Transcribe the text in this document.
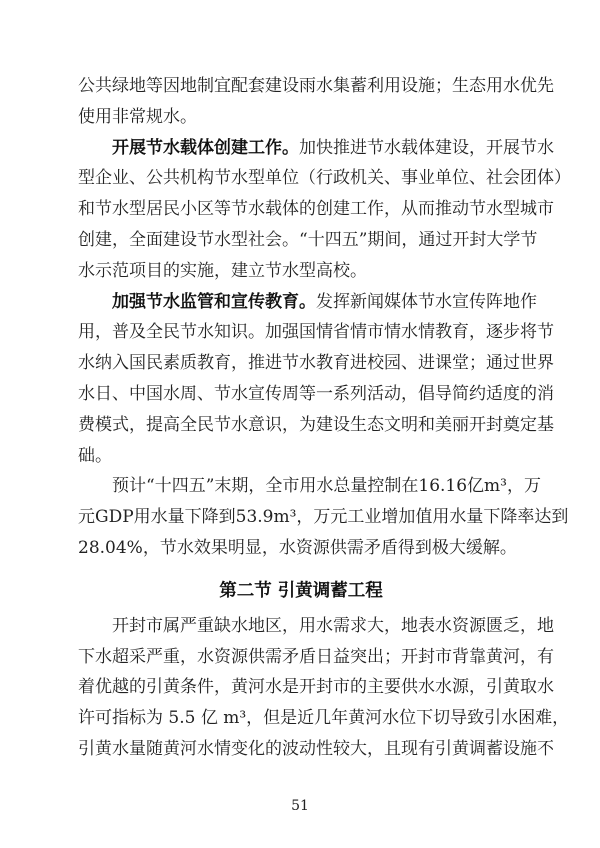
公共绿地等因地制宜配套建设雨水集蓄利用设施；生态用水优先
使用非常规水。
开展节水载体创建工作。加快推进节水载体建设，开展节水
型企业、公共机构节水型单位（行政机关、事业单位、社会团体）
和节水型居民小区等节水载体的创建工作，从而推动节水型城市
创建，全面建设节水型社会。“十四五”期间，通过开封大学节
水示范项目的实施，建立节水型高校。
加强节水监管和宣传教育。发挥新闻媒体节水宣传阵地作
用，普及全民节水知识。加强国情省情市情水情教育，逐步将节
水纳入国民素质教育，推进节水教育进校园、进课堂；通过世界
水日、中国水周、节水宣传周等一系列活动，倡导简约适度的消
费模式，提高全民节水意识，为建设生态文明和美丽开封奠定基
础。
预计“十四五”末期，全市用水总量控制在16.16亿m³，万
元GDP用水量下降到53.9m³，万元工业增加值用水量下降率达到
28.04%，节水效果明显，水资源供需矛盾得到极大缓解。
第二节 引黄调蓄工程
开封市属严重缺水地区，用水需求大，地表水资源匮乏，地
下水超采严重，水资源供需矛盾日益突出；开封市背靠黄河，有
着优越的引黄条件，黄河水是开封市的主要供水水源，引黄取水
许可指标为 5.5 亿 m³，但是近几年黄河水位下切导致引水困难，
引黄水量随黄河水情变化的波动性较大，且现有引黄调蓄设施不
51
